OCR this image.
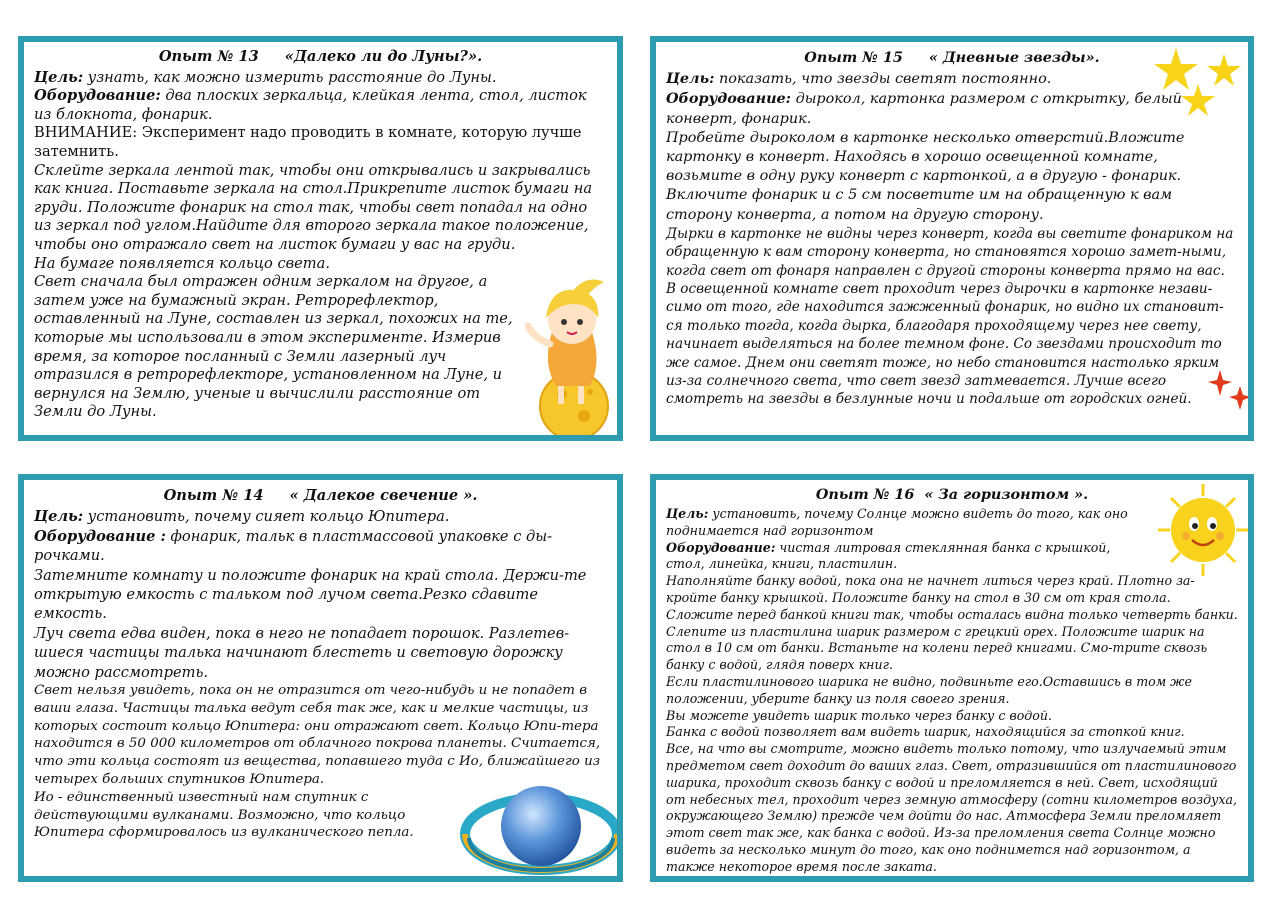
Опыт № 13 «Далеко ли до Луны?».

Цель: узнать, как можно измерить расстояние до Луны.

Оборудование: два плоских зеркальца, клейкая лента, стол, листок из блокнота, фонарик.

ВНИМАНИЕ: Эксперимент надо проводить в комнате, которую лучше затемнить.

Склейте зеркала лентой так, чтобы они открывались и закрывались как книга. Поставьте зеркала на стол.Прикрепите листок бумаги на груди. Положите фонарик на стол так, чтобы свет попадал на одно из зеркал под углом.Найдите для второго зеркала такое положение, чтобы оно отражало свет на листок бумаги у вас на груди.

На бумаге появляется кольцо света.

Свет сначала был отражен одним зеркалом на другое, а затем уже на бумажный экран. Ретрорефлектор, оставленный на Луне, составлен из зеркал, похожих на те, которые мы использовали в этом эксперименте. Измерив время, за которое посланный с Земли лазерный луч отразился в ретрорефлекторе, установленном на Луне, и вернулся на Землю, ученые и вычислили расстояние от Земли до Луны.

Опыт № 15 « Дневные звезды».

Цель: показать, что звезды светят постоянно.

Оборудование: дырокол, картонка размером с открытку, белый конверт, фонарик.

Пробейте дыроколом в картонке несколько отверстий.Вложите картонку в конверт. Находясь в хорошо освещенной комнате, возьмите в одну руку конверт с картонкой, а в другую - фонарик. Включите фонарик и с 5 см посветите им на обращенную к вам сторону конверта, а потом на другую сторону.

Дырки в картонке не видны через конверт, когда вы светите фонариком на обращенную к вам сторону конверта, но становятся хорошо замет-ными, когда свет от фонаря направлен с другой стороны конверта прямо на вас.

В освещенной комнате свет проходит через дырочки в картонке незави-симо от того, где находится зажженный фонарик, но видно их становит-ся только тогда, когда дырка, благодаря проходящему через нее свету, начинает выделяться на более темном фоне. Со звездами происходит то же самое. Днем они светят тоже, но небо становится настолько ярким из-за солнечного света, что свет звезд затмевается. Лучше всего смотреть на звезды в безлунные ночи и подальше от городских огней.

Опыт № 14 « Далекое свечение ».

Цель: установить, почему сияет кольцо Юпитера.

Оборудование : фонарик, тальк в пластмассовой упаковке с ды-рочками.

Затемните комнату и положите фонарик на край стола. Держи-те открытую емкость с тальком под лучом света.Резко сдавите емкость.

Луч света едва виден, пока в него не попадает порошок. Разлетев-шиеся частицы талька начинают блестеть и световую дорожку можно рассмотреть.

Свет нельзя увидеть, пока он не отразится от чего-нибудь и не попадет в ваши глаза. Частицы талька ведут себя так же, как и мелкие частицы, из которых состоит кольцо Юпитера: они отражают свет. Кольцо Юпи-тера находится в 50 000 километров от облачного покрова планеты. Считается, что эти кольца состоят из вещества, попавшего туда с Ио, ближайшего из четырех больших спутников Юпитера.

Ио - единственный известный нам спутник с действующими вулканами. Возможно, что кольцо Юпитера сформировалось из вулканического пепла.

Опыт № 16 « За горизонтом ».

Цель: установить, почему Солнце можно видеть до того, как оно поднимается над горизонтом

Оборудование: чистая литровая стеклянная банка с крышкой, стол, линейка, книги, пластилин.

Наполняйте банку водой, пока она не начнет литься через край. Плотно за-кройте банку крышкой. Положите банку на стол в 30 см от края стола. Сложите перед банкой книги так, чтобы осталась видна только четверть банки. Слепите из пластилина шарик размером с грецкий орех. Положите шарик на стол в 10 см от банки. Встаньте на колени перед книгами. Смо-трите сквозь банку с водой, глядя поверх книг.

Если пластилинового шарика не видно, подвиньте его.Оставшись в том же положении, уберите банку из поля своего зрения.

Вы можете увидеть шарик только через банку с водой.

Банка с водой позволяет вам видеть шарик, находящийся за стопкой книг.

Все, на что вы смотрите, можно видеть только потому, что излучаемый этим предметом свет доходит до ваших глаз. Свет, отразившийся от пластилинового шарика, проходит сквозь банку с водой и преломляется в ней. Свет, исходящий от небесных тел, проходит через земную атмосферу (сотни километров воздуха, окружающего Землю) прежде чем дойти до нас. Атмосфера Земли преломляет этот свет так же, как банка с водой. Из-за преломления света Солнце можно видеть за несколько минут до того, как оно поднимется над горизонтом, а также некоторое время после заката.
